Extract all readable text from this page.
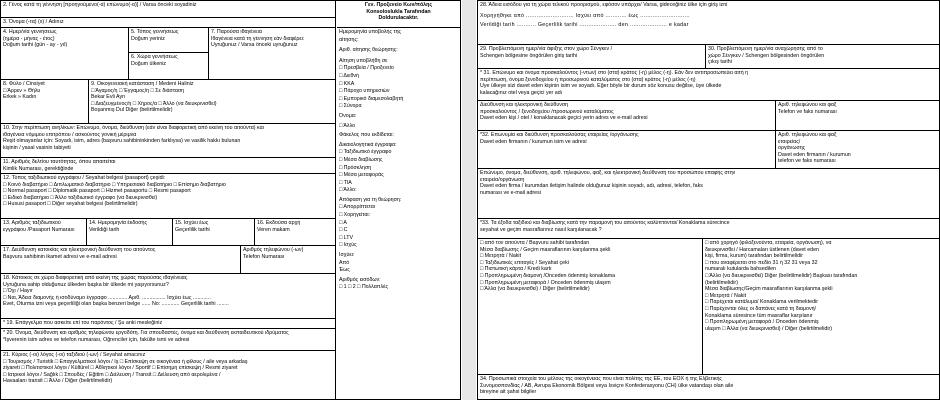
2. Γένος κατά τη γέννηση [προηγούμενο(-α) επώνυμο(-α)] / Varsa önceki soyadiniz
3. Όνομα (-τα) (x) / Adınız
4. Ημερ/νία γεννήσεως
(ημέρα - μήνας - έτος)
Doğum tarihi (gün - ay - yıl)
5. Τόπος γεννήσεως
Doğum yeriniz
6. Χώρα γεννήσεως
Doğum ülkeniz
7. Παρούσα ιθαγένεια
Ιθαγένεια κατά τη γέννηση εάν διαφέρει:
Uyruğunuz / Varsa önceki uyruğunuz
8. Φύλο / Cinsiyet
□ Άρρεν » Θήλυ
Erkek » Kadın
9. Οικογενειακή κατάσταση / Medeni Haliniz
□ Άγαμος/η □ Έγγαμος/η □ Σε διάσταση
Bekar Evli Ayrı
□ Διαζευγμένος/η □ Χήρος/α □ Άλλο (να διευκρινισθεί)
Boşanmış Dul Diğer (belirtilmelidir)
10. Στην περίπτωση ανηλίκων: Επώνυμο, όνομα, διεύθυνση (εάν είναι διαφορετική από εκείνη του αιτούντα) και
ιθαγένεια νόμιμου επιτρόπου / ασκούντος γονική μέριμνα
Reşit olmayanlar için: Soyadı, isim, adres (başvuru sahibininkinden farklıysa) ve vasilik hakkı bulunan
kişinin / yasal vasinin tabiyeti
11. Αριθμός δελτίου ταυτότητας, όπου απαιτείται
Kimlik Numarası, gerektiğinde
12. Τύπος ταξιδιωτικού εγγράφου / Seyahat belgesi (pasaport) çeşidi:
□ Κοινό διαβατήριο □ Διπλωματικό διαβατήριο □ Υπηρεσιακό διαβατήριο □ Επίσημο διαβατήριο
□ Normal pasaport □ Diplomatik pasaport □ Hizmet pasaportu □ Resmi pasaport
□ Ειδικό διαβατήριο □ Άλλο ταξιδιωτικό έγγραφο (να διευκρινισθεί)
□ Hususi pasaport □ Diğer seyahat belgesi (belirtilmelidir)
13. Αριθμός ταξιδιωτικού
εγγράφου /Pasaport Numarası
14. Ημερομηνία έκδοσης
Verildiği tarih
15. Ισχύει έως
Geçerlilik tarihi
16. Εκδούσα αρχή
Veren makam
17. Διεύθυνση κατοικίας και ηλεκτρονική διεύθυνση του αιτούντος
Başvuru sahibinin ikamet adresi ve e-mail adresi
Αριθμός τηλεφώνου (-ων)
Telefon Numarası
18. Κάτοικος σε χώρα διαφορετική από εκείνη της χώρας παρούσας ιθαγένειας
Uyruğuna sahip olduğunuz ülkeden başka bir ülkede mi yaşıyorsunuz?
□ Όχι / Hayır
□ Ναι, Άδεια διαμονής ή ισοδύναμο έγγραφο ............. Αριθ. ................ Ισχύει έως ............
Evet, Oturma izni veya geçerliliği olan başka benzeri belge ...... No: ............ Geçerlilik tarihi ........
* 19. Επάγγελμα που ασκείτε επί του παρόντος / Şu anki mesleğiniz
* 20. Όνομα, διεύθυνση και αριθμός τηλεφώνου εργοδότη. Για σπουδαστές, όνομα και διεύθυνση εκπαιδευτικού ιδρύματος
*İşverenin isim adres ve telefon numarası, Öğrenciler için, fakülte ismi ve adresi
21. Κύριος (-οι) λόγος (-οι) ταξιδιού (-ων) / Seyahat amacınız
□ Τουρισμός / Turistik □ Επαγγελματικοί λόγοι / Iş □ Επίσκεψη σε οικογένεια ή φίλους / aile veya arkadaş
ziyareti □ Πολιτιστικοί λόγοι / Kültürel □ Αθλητικοί λόγοι / Sportif □ Επίσημη επίσκεψη / Resmi ziyaret
□ Ιατρικοί λόγοι / Sağlık □ Σπουδές / Eğitim □ Διέλευση / Transit □ Διέλευση από αερολιμένα /
Havaalanı transit □ Άλλο / Diğer (belirtilmelidir)
Γεν. Προξενείο Κων/πόλης
Konsoloslukla Tarafından
Doldurulacaktır.
Ημερομηνία υποβολής της
αίτησης:
Αριθ. αίτησης θεώρησης:
Αίτηση υποβλήθη σε
□ Πρεσβεία / Προξενείο
□ Διεθνή
□ ΚΚΑ
□ Πάροχο υπηρεσιών
□ Εμπορικό διαμεσολαβητή
□ Σύνορα
Όνομα:
□ Άλλο
Φάκελος που εκδίδεται:
Δικαιολογητικά έγγραφα:
□ Ταξιδιωτικό έγγραφο
□ Μέσα διαβίωσης
□ Πρόσκληση
□ Μέσα μεταφοράς
□ ΤΙΑ
□ Άλλο:
Απόφαση για τη θεώρηση:
□ Απορρίπτεται
□ Χορηγείται:
□ A
□ C
□ LTV
□ Ισχύς
Ισχύει:
Από
Έως
Αριθμός εισόδων:
□ 1 □ 2 □ Πολλαπλές
28. Άδεια εισόδου για τη χώρα τελικού προορισμού, εφόσον υπάρχει/ Varsa, gideceğiniz ülke için giriş izni
Χορηγήθηκε από ........................... Ισχύει από ............ έως ............................
Verildiği tarih ........... Geçerlilik tarihi ..................... den ..................... e kadar
29. Προβλεπόμενη ημερ/νία άφιξης στον χώρο Σένγκεν /
Schengen bölgesine öngörülen giriş tarihi
30. Προβλεπόμενη ημερ/νία αναχώρησης από το
χώρο Σένγκεν / Schengen bölgesinden öngörülen
çıkış tarihi
* 31. Επώνυμο και όνομα προσκαλούντος (-ντων) στο (στα) κράτος (-η) μέλος (-η). Εάν δεν αντιπροσωπεύει αιτή η
περίπτωση, όνομα ξενοδοχείου ή προσωρινού καταλύματος στο (στα) κράτος (-η) μέλος (-η)
Üye ülkeye sizi davet eden kişinin isim ve soyadı. Eğer böyle bir durum söz konusu değilse, üye ülkede
kalacağınız otel veya geçici yer adı
Διεύθυνση και ηλεκτρονική διεύθυνση
προσκαλούντος / ξενοδοχείου /προσωρινού καταλύματος
Davet eden kişi / otel / konaklanacak geçici yerin adres ve e-mail adresi
Αριθ. τηλεφώνου και φαξ
Telefon ve faks numarası
*32. Επωνυμία και διεύθυνση προσκαλούσας εταιρείας /οργάνωσης
Davet eden firmanın / kurumun isim ve adresi
Αριθ. τηλεφώνου και φαξ
εταιρείας/
οργάνωσης
Davet eden firmanın / kurumun
telefon ve faks numarası
Επώνυμο, όνομα, διεύθυνση, αριθ. τηλεφώνου, φαξ, και ηλεκτρονική διεύθυνση του προσώπου επαφής στην
εταιρεία/οργάνωση
Davet eden firma / kurumdan iletişim halinde olduğunuz kişinin soyadı, adı, adresi, telefon, faks
numarası ve e-mail adresi
*33. Τα έξοδα ταξιδιού και διαβίωσης κατά την παραμονή του αιτούντος καλύπτονται/ Konaklama sürecince
seyahat ve geçim masraflarınız nasıl karşılanacak ?
□ από τον αιτούντα / Başvuru sahibi tarafından
Μέσα διαβίωσης / Geçim masraflarının karşılanma şekli
□ Μετρητά / Nakit
□ Ταξιδιωτικές επιταγές / Seyahat çeki
□ Πιστωτική κάρτα / Kredi kartı
□ Προπληρωμένη διαμονή /Önceden ödenmiş konaklama
□ Προπληρωμένη μεταφορά / Önceden ödenmiş ulaşım
□ Άλλα (να διευκρινισθεί) / Diğer (belirtilmelidir)
□ από χορηγό (φιλοξενούντα, εταιρεία, οργάνωση), να
διευκρινισθεί / Harcamaları üstlenen (davet eden
kişi, firma, kurum) tarafından belirtilmelidir
□ που αναφέρεται στο πεδίο 31 ή 32 31 veya 32
numaralı kutularda bahsedilen
□ Άλλο (να διευκρινισθεί) Diğer (belirtilmelidir) Başkası tarafından
(belirtilmelidir)
Μέσα διαβίωσης/Geçim masraflarının karşılanma şekli
□ Μετρητά / Nakit
□ Παρέχεται κατάλυμα/ Konaklama verilmektedir
□ Παρέχονται όλες οι δαπάνες κατά τη διαμονή/
Konaklama süresince tüm masraflar karşılanır
□ Προπληρωμένη μεταφορά / Önceden ödenmiş
ulaşım □ Άλλα (να διευκρινισθεί) / Diğer (belirtilmelidir)
34. Προσωπικά στοιχεία του μέλους της οικογένειας που είναι πολίτης της ΕΕ, του ΕΟΧ ή της Ελβετικής
Συνομοσπονδίας / AB, Avrupa Ekonomik Bölgesi veya İsviçre Konfederasyonu (CH) ülke vatandaşı olan aile
bireyine ait şahsi bilgiler
